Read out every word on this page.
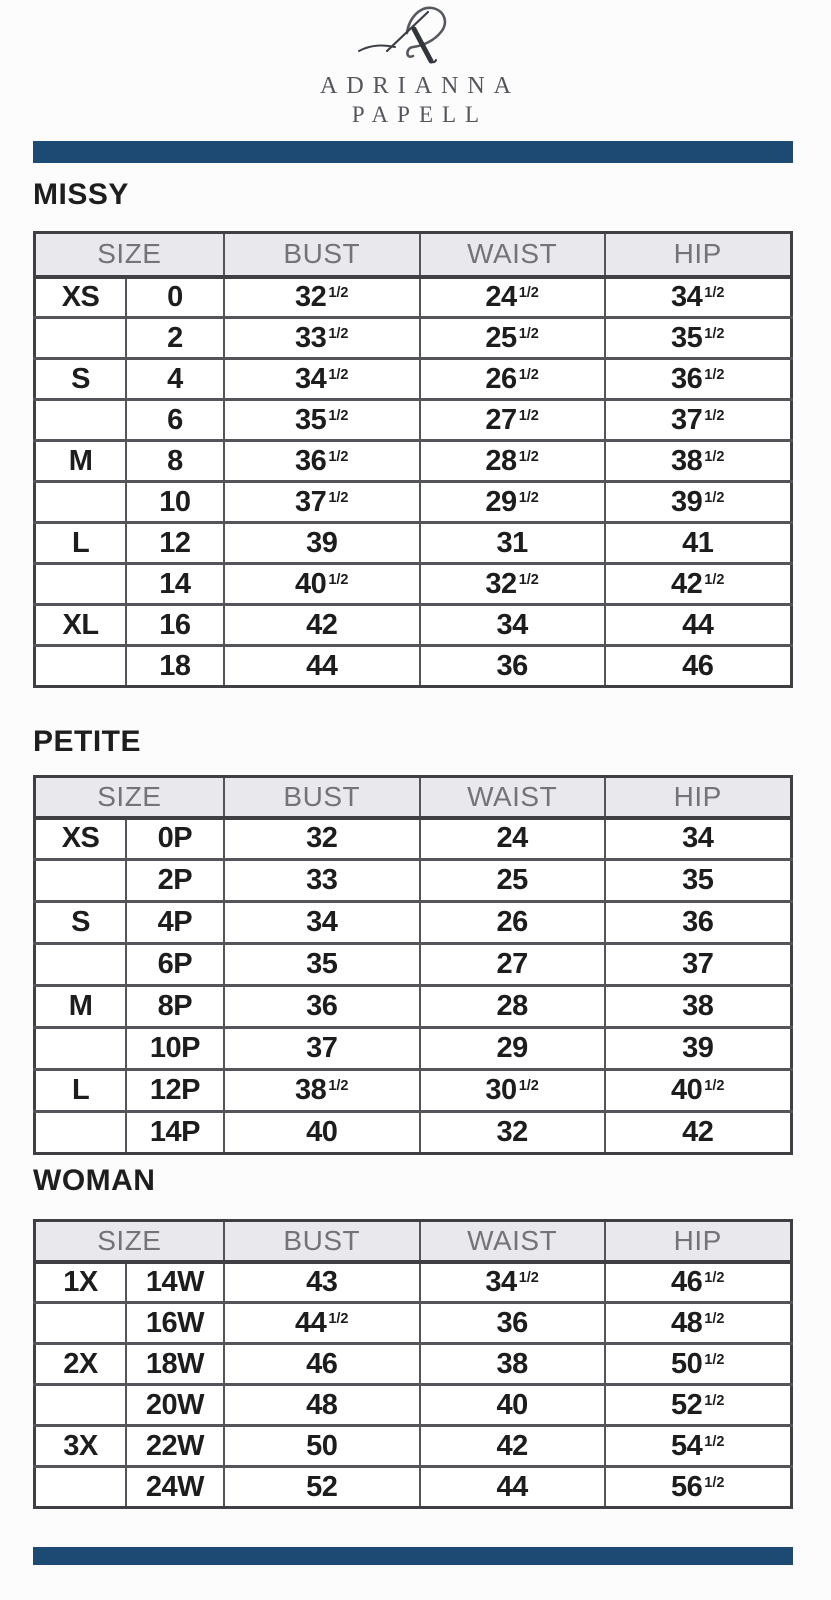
ADRIANNA
PAPELL
MISSY
SIZE		BUST	WAIST	HIP
XS	0	32 $^{1/2}$	24 $^{1/2}$	34 $^{1/2}$
	2	33 $^{1/2}$	25 $^{1/2}$	35 $^{1/2}$
S	4	34 $^{1/2}$	26 $^{1/2}$	36 $^{1/2}$
	6	35 $^{1/2}$	27 $^{1/2}$	37 $^{1/2}$
M	8	36 $^{1/2}$	28 $^{1/2}$	38 $^{1/2}$
	10	37 $^{1/2}$	29 $^{1/2}$	39 $^{1/2}$
L	12	39	31	41
	14	40 $^{1/2}$	32 $^{1/2}$	42 $^{1/2}$
XL	16	42	34	44
	18	44	36	46
PETITE
SIZE		BUST	WAIST	HIP
XS	0P	32	24	34
	2P	33	25	35
S	4P	34	26	36
	6P	35	27	37
M	8P	36	28	38
	10P	37	29	39
L	12P	38 $^{1/2}$	30 $^{1/2}$	40 $^{1/2}$
	14P	40	32	42
WOMAN
SIZE		BUST	WAIST	HIP
1X	14W	43	34 $^{1/2}$	46 $^{1/2}$
	16W	44 $^{1/2}$	36	48 $^{1/2}$
2X	18W	46	38	50 $^{1/2}$
	20W	48	40	52 $^{1/2}$
3X	22W	50	42	54 $^{1/2}$
	24W	52	44	56 $^{1/2}$
